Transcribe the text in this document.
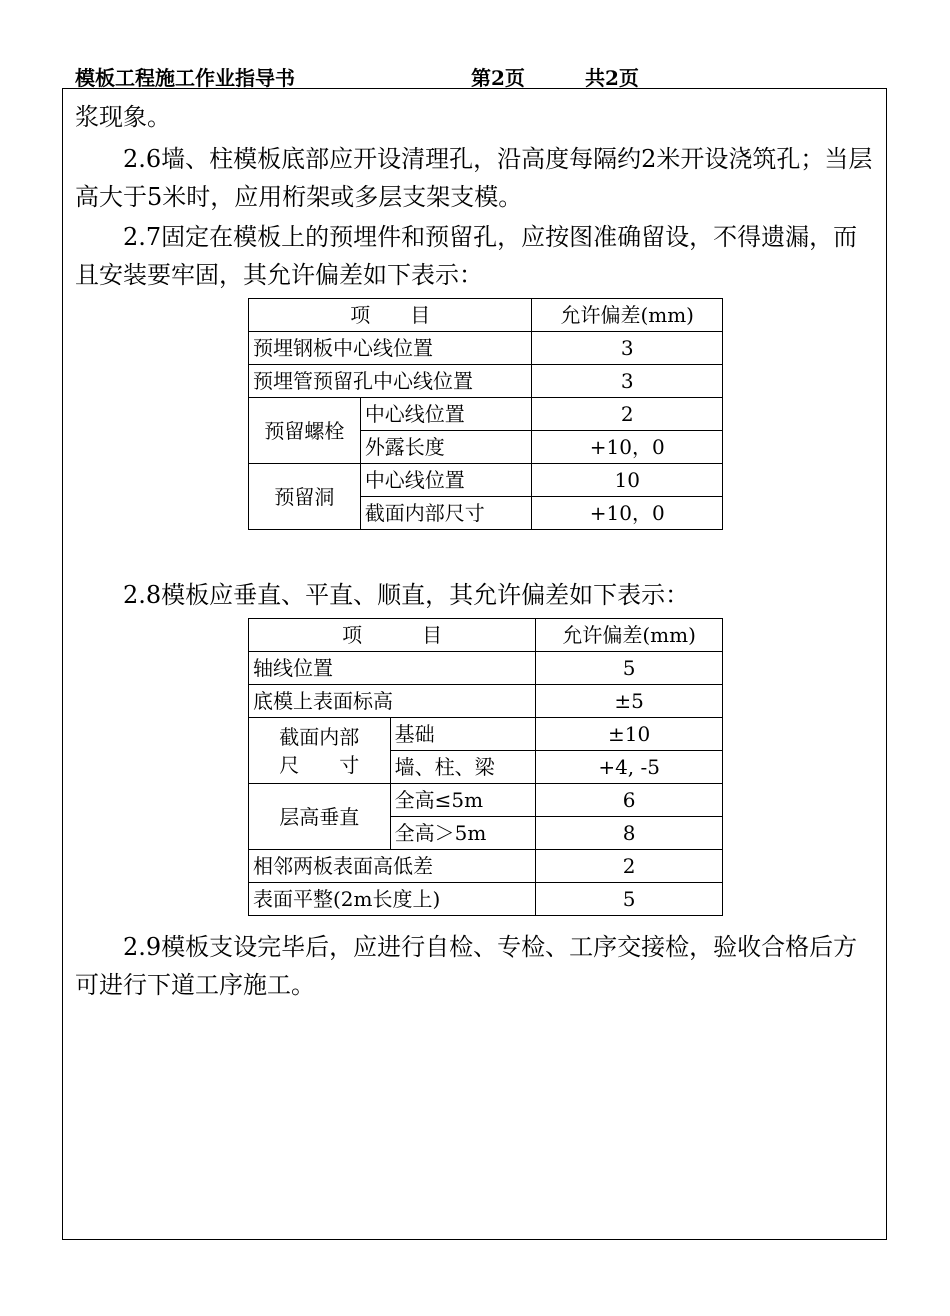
模板工程施工作业指导书	第2页	共2页

浆现象。

　　2.6墙、柱模板底部应开设清理孔，沿高度每隔约2米开设浇筑孔；当层高大于5米时，应用桁架或多层支架支模。

　　2.7固定在模板上的预埋件和预留孔，应按图准确留设，不得遗漏，而且安装要牢固，其允许偏差如下表示：

项　　目		允许偏差(mm)
预埋钢板中心线位置		3
预埋管预留孔中心线位置		3
预留螺栓	中心线位置	2
	外露长度	+10，0
预留洞	中心线位置	10
	截面内部尺寸	+10，0

　　2.8模板应垂直、平直、顺直，其允许偏差如下表示：

项　　　目		允许偏差(mm)
轴线位置		5
底模上表面标高		±5

截面内部
尺　　寸	基础	±10
	墙、柱、梁	+4, -5
层高垂直	全高≤5m	6
	全高＞5m	8
相邻两板表面高低差		2
表面平整(2m长度上)		5

　　2.9模板支设完毕后，应进行自检、专检、工序交接检，验收合格后方可进行下道工序施工。
